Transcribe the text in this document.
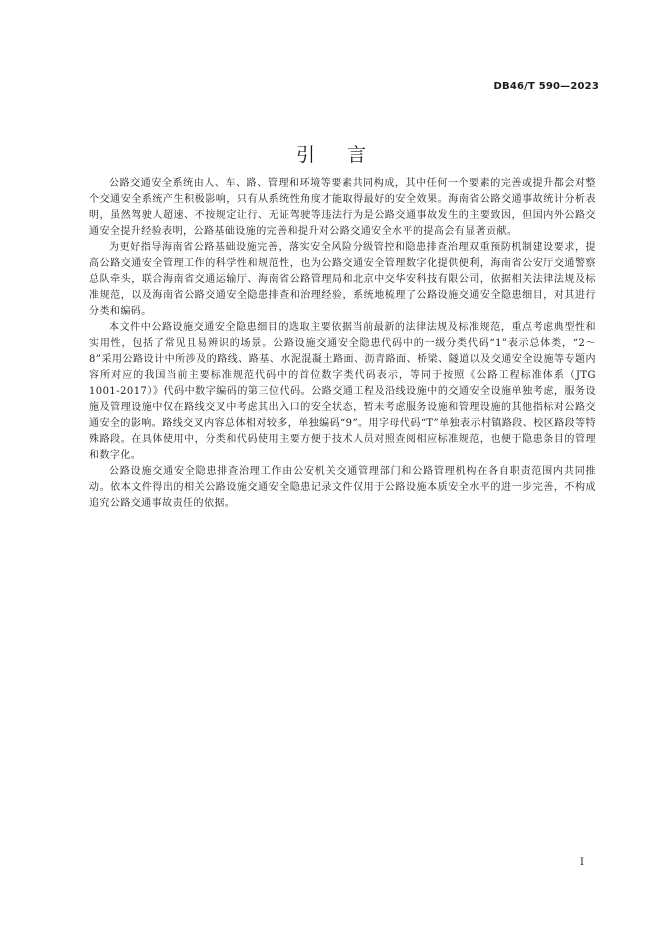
DB46/T 590—2023
引言

公路交通安全系统由人、车、路、管理和环境等要素共同构成，其中任何一个要素的完善或提升都会对整个交通安全系统产生积极影响，只有从系统性角度才能取得最好的安全效果。海南省公路交通事故统计分析表明，虽然驾驶人超速、不按规定让行、无证驾驶等违法行为是公路交通事故发生的主要致因，但国内外公路交通安全提升经验表明，公路基础设施的完善和提升对公路交通安全水平的提高会有显著贡献。

为更好指导海南省公路基础设施完善，落实安全风险分级管控和隐患排查治理双重预防机制建设要求，提高公路交通安全管理工作的科学性和规范性，也为公路交通安全管理数字化提供便利，海南省公安厅交通警察总队牵头，联合海南省交通运输厅、海南省公路管理局和北京中交华安科技有限公司，依据相关法律法规及标准规范，以及海南省公路交通安全隐患排查和治理经验，系统地梳理了公路设施交通安全隐患细目，对其进行分类和编码。

本文件中公路设施交通安全隐患细目的选取主要依据当前最新的法律法规及标准规范，重点考虑典型性和实用性，包括了常见且易辨识的场景。公路设施交通安全隐患代码中的一级分类代码“1”表示总体类，“2～8”采用公路设计中所涉及的路线、路基、水泥混凝土路面、沥青路面、桥梁、隧道以及交通安全设施等专题内容所对应的我国当前主要标准规范代码中的首位数字类代码表示，等同于按照《公路工程标准体系（JTG 1001-2017）》代码中数字编码的第三位代码。公路交通工程及沿线设施中的交通安全设施单独考虑，服务设施及管理设施中仅在路线交叉中考虑其出入口的安全状态，暂未考虑服务设施和管理设施的其他指标对公路交通安全的影响。路线交叉内容总体相对较多，单独编码“9”。用字母代码“T”单独表示村镇路段、校区路段等特殊路段。在具体使用中，分类和代码使用主要方便于技术人员对照查阅相应标准规范，也便于隐患条目的管理和数字化。

公路设施交通安全隐患排查治理工作由公安机关交通管理部门和公路管理机构在各自职责范围内共同推动。依本文件得出的相关公路设施交通安全隐患记录文件仅用于公路设施本质安全水平的进一步完善，不构成追究公路交通事故责任的依据。

I
